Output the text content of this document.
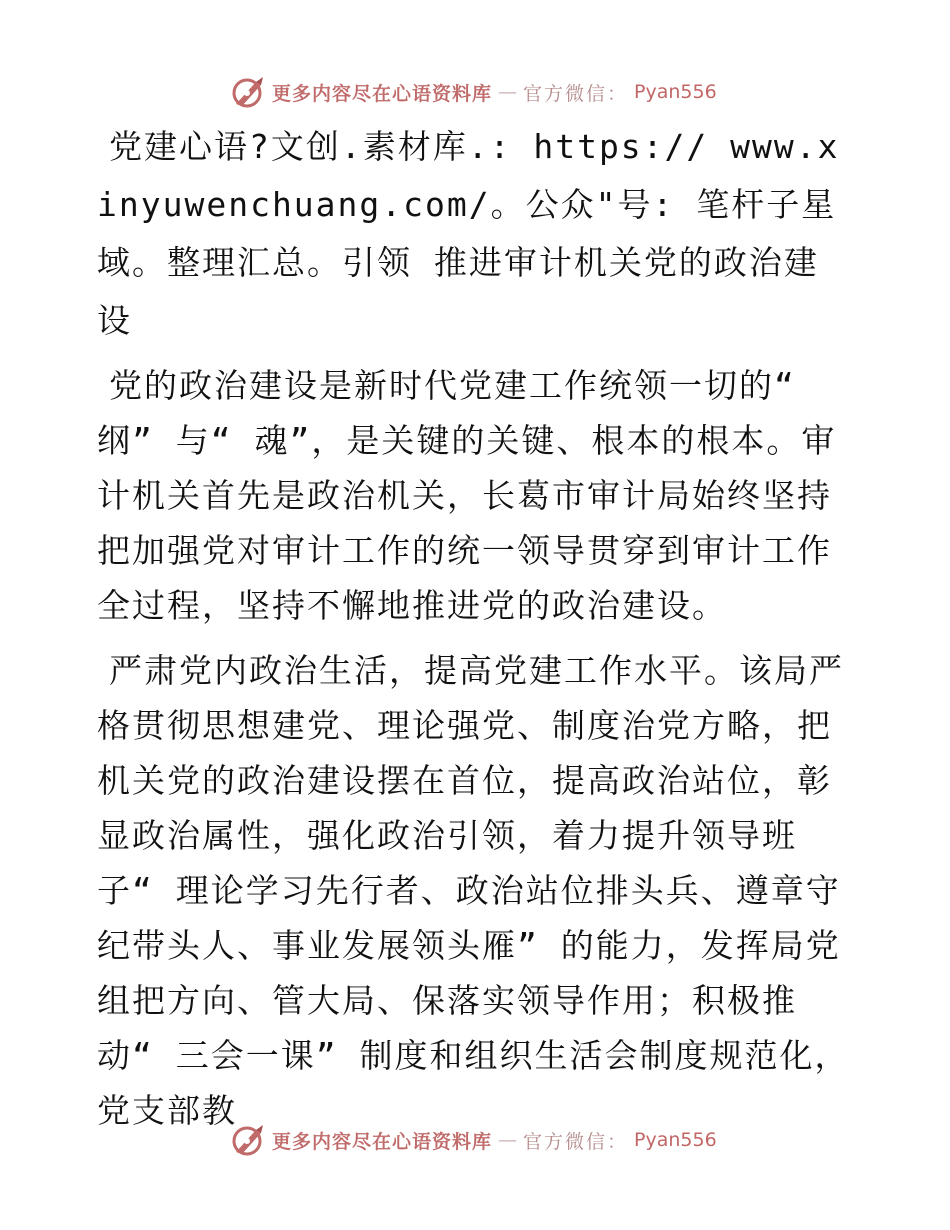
更多内容尽在心语资料库 — 官方微信： Pyan556

党建心语?文创.素材库.: https:// www.xinyuwenchuang.com/。公众"号: 笔杆子星域。整理汇总。引领 推进审计机关党的政治建设

党的政治建设是新时代党建工作统领一切的“ 纲” 与“ 魂”，是关键的关键、根本的根本。审计机关首先是政治机关，长葛市审计局始终坚持把加强党对审计工作的统一领导贯穿到审计工作全过程，坚持不懈地推进党的政治建设。

严肃党内政治生活，提高党建工作水平。该局严格贯彻思想建党、理论强党、制度治党方略，把机关党的政治建设摆在首位，提高政治站位，彰显政治属性，强化政治引领，着力提升领导班子“ 理论学习先行者、政治站位排头兵、遵章守纪带头人、事业发展领头雁” 的能力，发挥局党组把方向、管大局、保落实领导作用；积极推动“ 三会一课” 制度和组织生活会制度规范化，党支部教

更多内容尽在心语资料库 — 官方微信： Pyan556
